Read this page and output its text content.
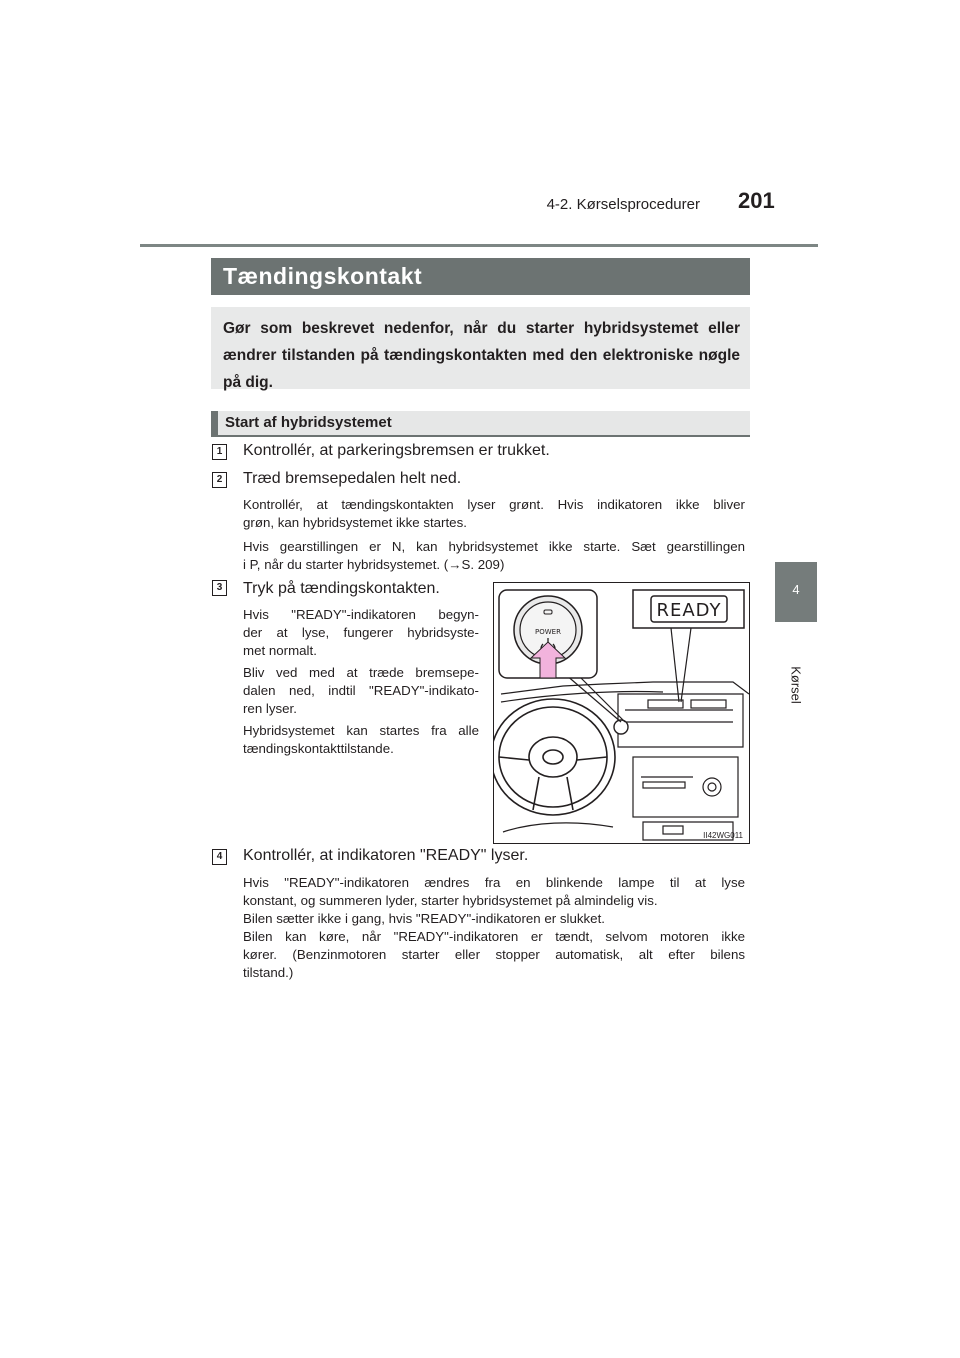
4-2. Kørselsprocedurer 201
4
Kørsel
Tændingskontakt
Gør som beskrevet nedenfor, når du starter hybridsystemet eller ændrer tilstanden på tændingskontakten med den elektroniske nøgle på dig.
Start af hybridsystemet
1 Kontrollér, at parkeringsbremsen er trukket.
2 Træd bremsepedalen helt ned.
Kontrollér, at tændingskontakten lyser grønt. Hvis indikatoren ikke bliver
grøn, kan hybridsystemet ikke startes.
Hvis gearstillingen er N, kan hybridsystemet ikke starte. Sæt gearstillingen
i P, når du starter hybridsystemet. (→S. 209)
3 Tryk på tændingskontakten.
Hvis "READY"-indikatoren begyn-
der at lyse, fungerer hybridsyste-
met normalt.
Bliv ved med at træde bremsepe-
dalen ned, indtil "READY"-indikato-
ren lyser.
Hybridsystemet kan startes fra alle
tændingskontakttilstande.
POWER
READY
II42WG011
4 Kontrollér, at indikatoren "READY" lyser.
Hvis "READY"-indikatoren ændres fra en blinkende lampe til at lyse
konstant, og summeren lyder, starter hybridsystemet på almindelig vis.
Bilen sætter ikke i gang, hvis "READY"-indikatoren er slukket.
Bilen kan køre, når "READY"-indikatoren er tændt, selvom motoren ikke
kører. (Benzinmotoren starter eller stopper automatisk, alt efter bilens
tilstand.)
